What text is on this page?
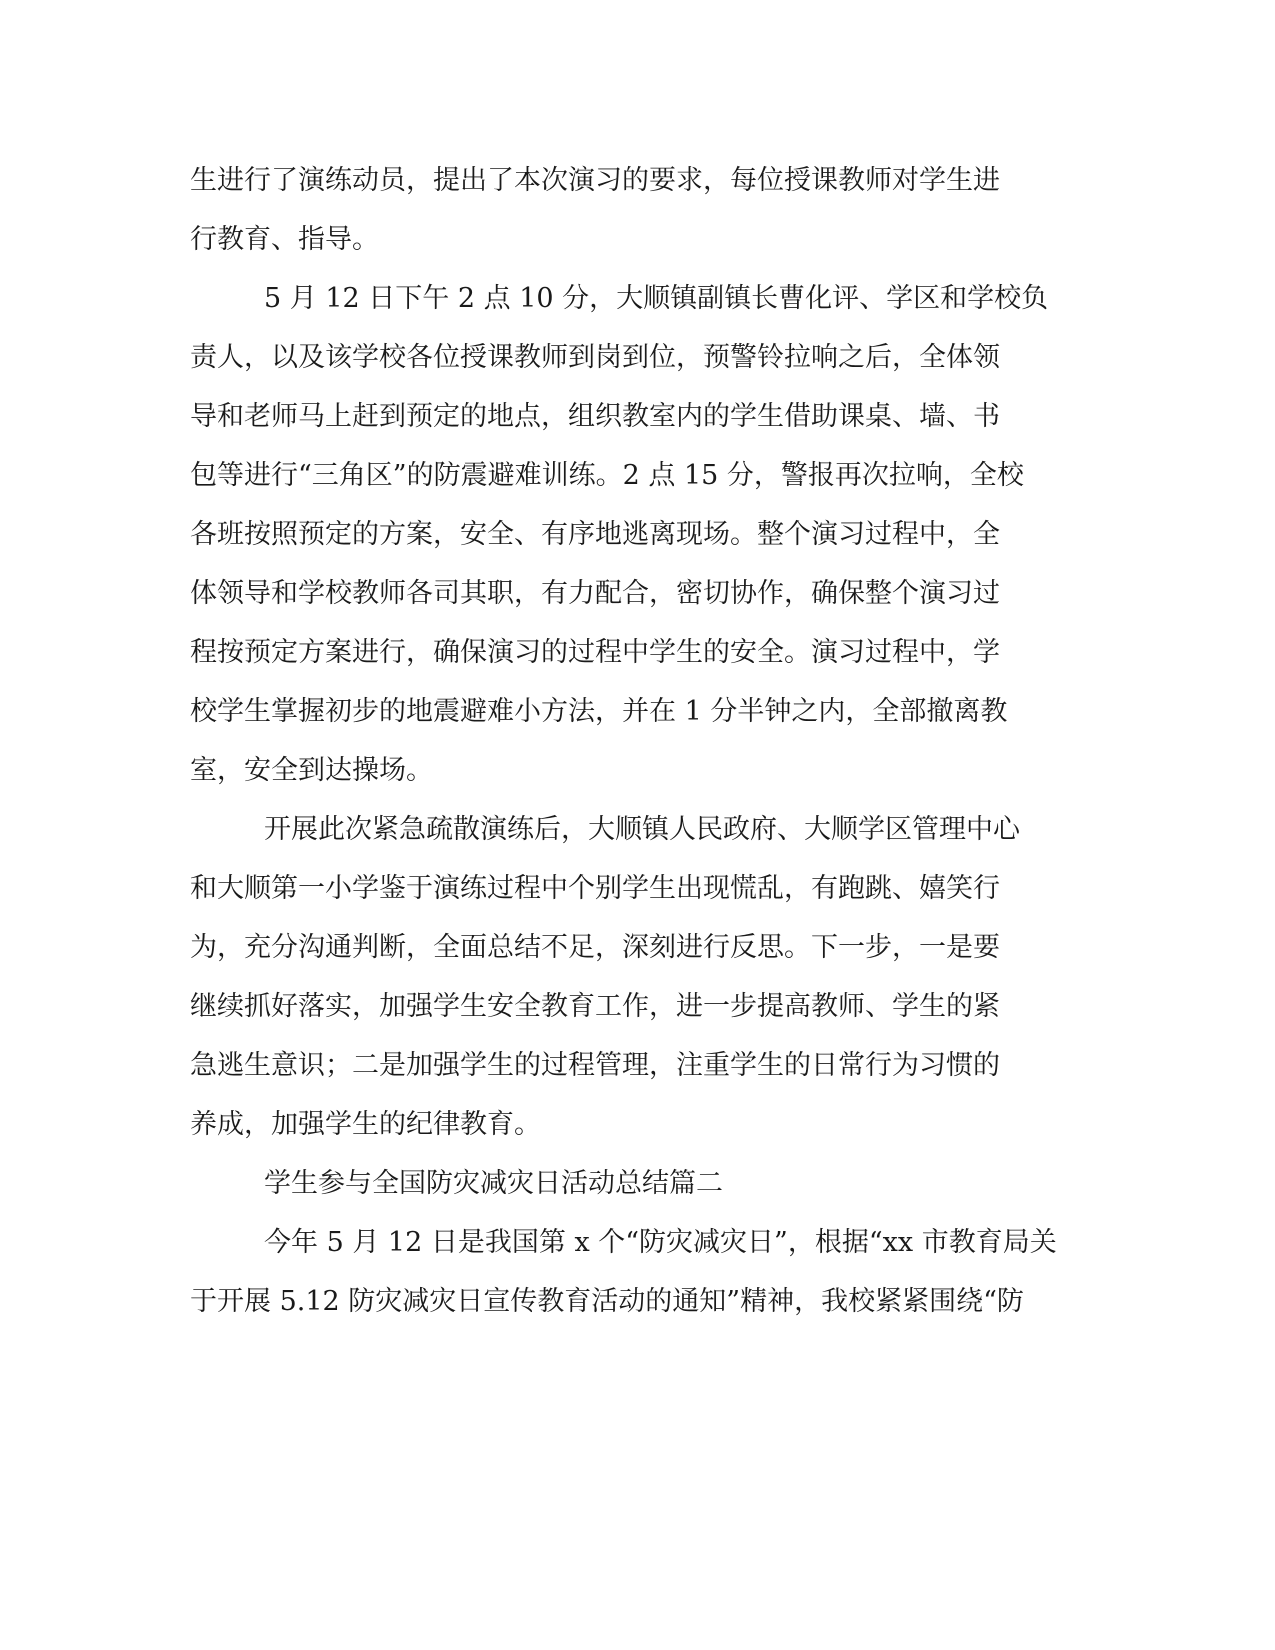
生进行了演练动员，提出了本次演习的要求，每位授课教师对学生进
行教育、指导。
5 月 12 日下午 2 点 10 分，大顺镇副镇长曹化评、学区和学校负
责人，以及该学校各位授课教师到岗到位，预警铃拉响之后，全体领
导和老师马上赶到预定的地点，组织教室内的学生借助课桌、墙、书
包等进行“三角区”的防震避难训练。2 点 15 分，警报再次拉响，全校
各班按照预定的方案，安全、有序地逃离现场。整个演习过程中，全
体领导和学校教师各司其职，有力配合，密切协作，确保整个演习过
程按预定方案进行，确保演习的过程中学生的安全。演习过程中，学
校学生掌握初步的地震避难小方法，并在 1 分半钟之内，全部撤离教
室，安全到达操场。
开展此次紧急疏散演练后，大顺镇人民政府、大顺学区管理中心
和大顺第一小学鉴于演练过程中个别学生出现慌乱，有跑跳、嬉笑行
为，充分沟通判断，全面总结不足，深刻进行反思。下一步，一是要
继续抓好落实，加强学生安全教育工作，进一步提高教师、学生的紧
急逃生意识；二是加强学生的过程管理，注重学生的日常行为习惯的
养成，加强学生的纪律教育。
学生参与全国防灾减灾日活动总结篇二
今年 5 月 12 日是我国第 x 个“防灾减灾日”，根据“xx 市教育局关
于开展 5.12 防灾减灾日宣传教育活动的通知”精神，我校紧紧围绕“防
